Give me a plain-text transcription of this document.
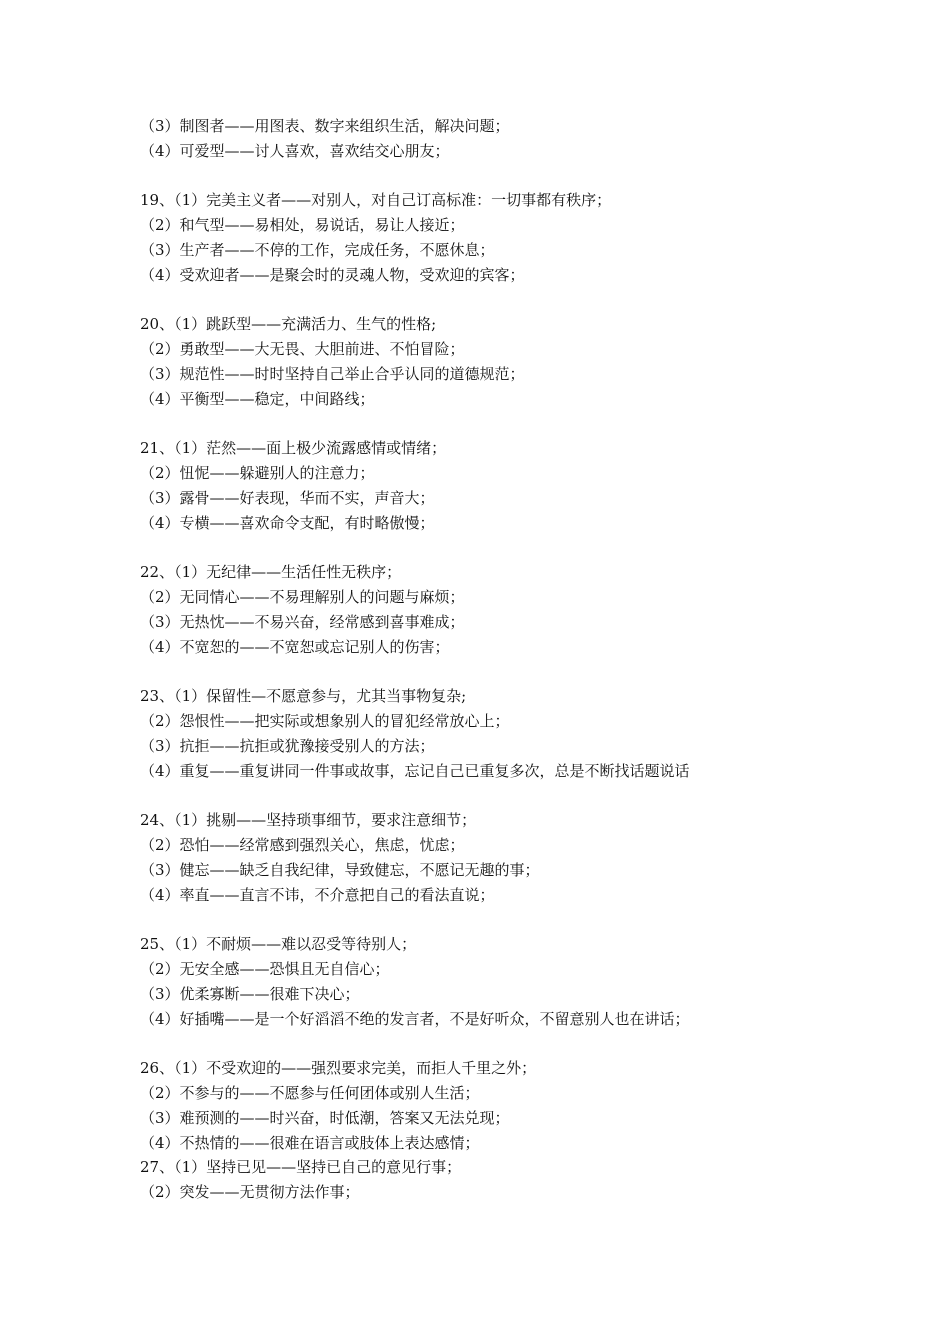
（3）制图者——用图表、数字来组织生活，解决问题；
（4）可爱型——讨人喜欢，喜欢结交心朋友；
19、（1）完美主义者——对别人，对自己订高标准：一切事都有秩序；
（2）和气型——易相处，易说话，易让人接近；
（3）生产者——不停的工作，完成任务，不愿休息；
（4）受欢迎者——是聚会时的灵魂人物，受欢迎的宾客；
20、（1）跳跃型——充满活力、生气的性格;
（2）勇敢型——大无畏、大胆前进、不怕冒险；
（3）规范性——时时坚持自己举止合乎认同的道德规范；
（4）平衡型——稳定，中间路线；
21、（1）茫然——面上极少流露感情或情绪；
（2）忸怩——躲避别人的注意力；
（3）露骨——好表现，华而不实，声音大；
（4）专横——喜欢命令支配，有时略傲慢；
22、（1）无纪律——生活任性无秩序；
（2）无同情心——不易理解别人的问题与麻烦；
（3）无热忱——不易兴奋，经常感到喜事难成；
（4）不宽恕的——不宽恕或忘记别人的伤害；
23、（1）保留性—不愿意参与，尤其当事物复杂;
（2）怨恨性——把实际或想象别人的冒犯经常放心上；
（3）抗拒——抗拒或犹豫接受别人的方法；
（4）重复——重复讲同一件事或故事，忘记自己已重复多次，总是不断找话题说话
24、（1）挑剔——坚持琐事细节，要求注意细节；
（2）恐怕——经常感到强烈关心，焦虑，忧虑；
（3）健忘——缺乏自我纪律，导致健忘，不愿记无趣的事；
（4）率直——直言不讳，不介意把自己的看法直说；
25、（1）不耐烦——难以忍受等待别人；
（2）无安全感——恐惧且无自信心；
（3）优柔寡断——很难下决心；
（4）好插嘴——是一个好滔滔不绝的发言者，不是好听众，不留意别人也在讲话；
26、（1）不受欢迎的——强烈要求完美，而拒人千里之外；
（2）不参与的——不愿参与任何团体或别人生活；
（3）难预测的——时兴奋，时低潮，答案又无法兑现；
（4）不热情的——很难在语言或肢体上表达感情；
27、（1）坚持已见——坚持已自己的意见行事；
（2）突发——无贯彻方法作事；
